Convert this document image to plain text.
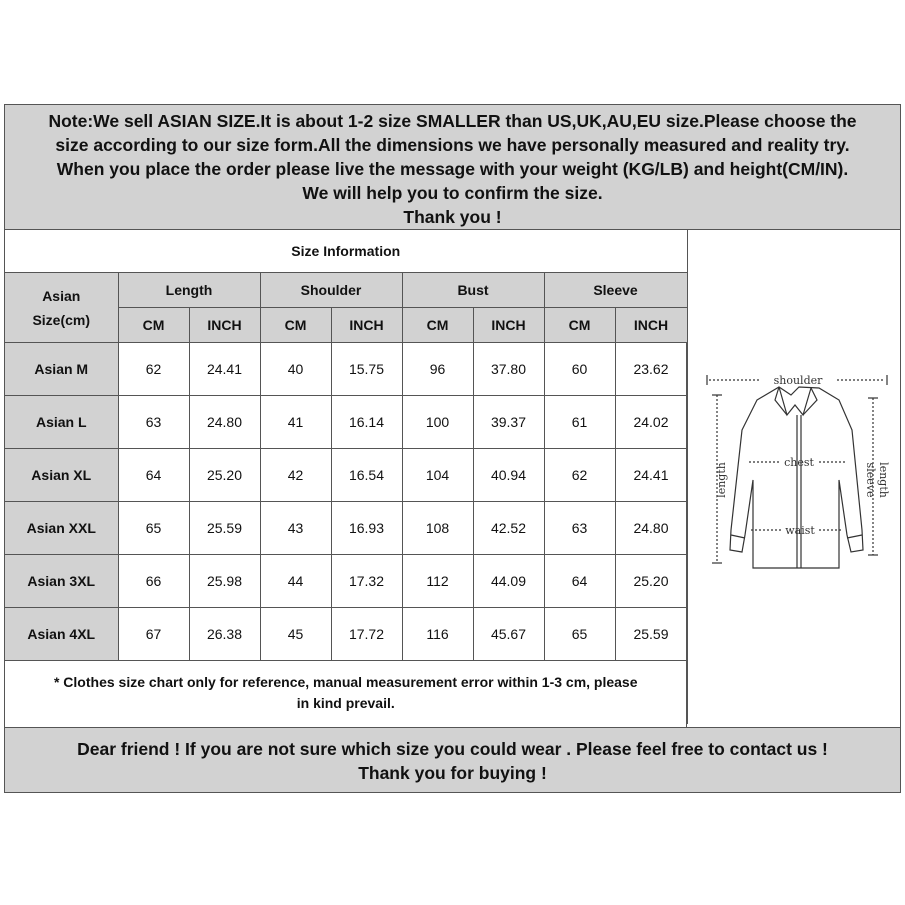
Note:We sell ASIAN SIZE.It is about 1-2 size SMALLER than US,UK,AU,EU size.Please choose the
size according to our size form.All the dimensions we have personally measured and reality try.
When you place the order please live the message with your weight (KG/LB) and height(CM/IN).
We will help you to confirm the size.
Thank you !
Size Information								

Asian
Size(cm)	Length		Shoulder		Bust		Sleeve	
	CM	INCH	CM	INCH	CM	INCH	CM	INCH
Asian M	62	24.41	40	15.75	96	37.80	60	23.62
Asian L	63	24.80	41	16.14	100	39.37	61	24.02
Asian XL	64	25.20	42	16.54	104	40.94	62	24.41
Asian XXL	65	25.59	43	16.93	108	42.52	63	24.80
Asian 3XL	66	25.98	44	17.32	112	44.09	64	25.20
Asian 4XL	67	26.38	45	17.72	116	45.67	65	25.59

* Clothes size chart only for reference, manual measurement error within 1-3 cm, please
in kind prevail.								
shoulder
chest
waist
length	sleeve length
Dear friend ! If you are not sure which size you could wear . Please feel free to contact us !
Thank you for buying !
